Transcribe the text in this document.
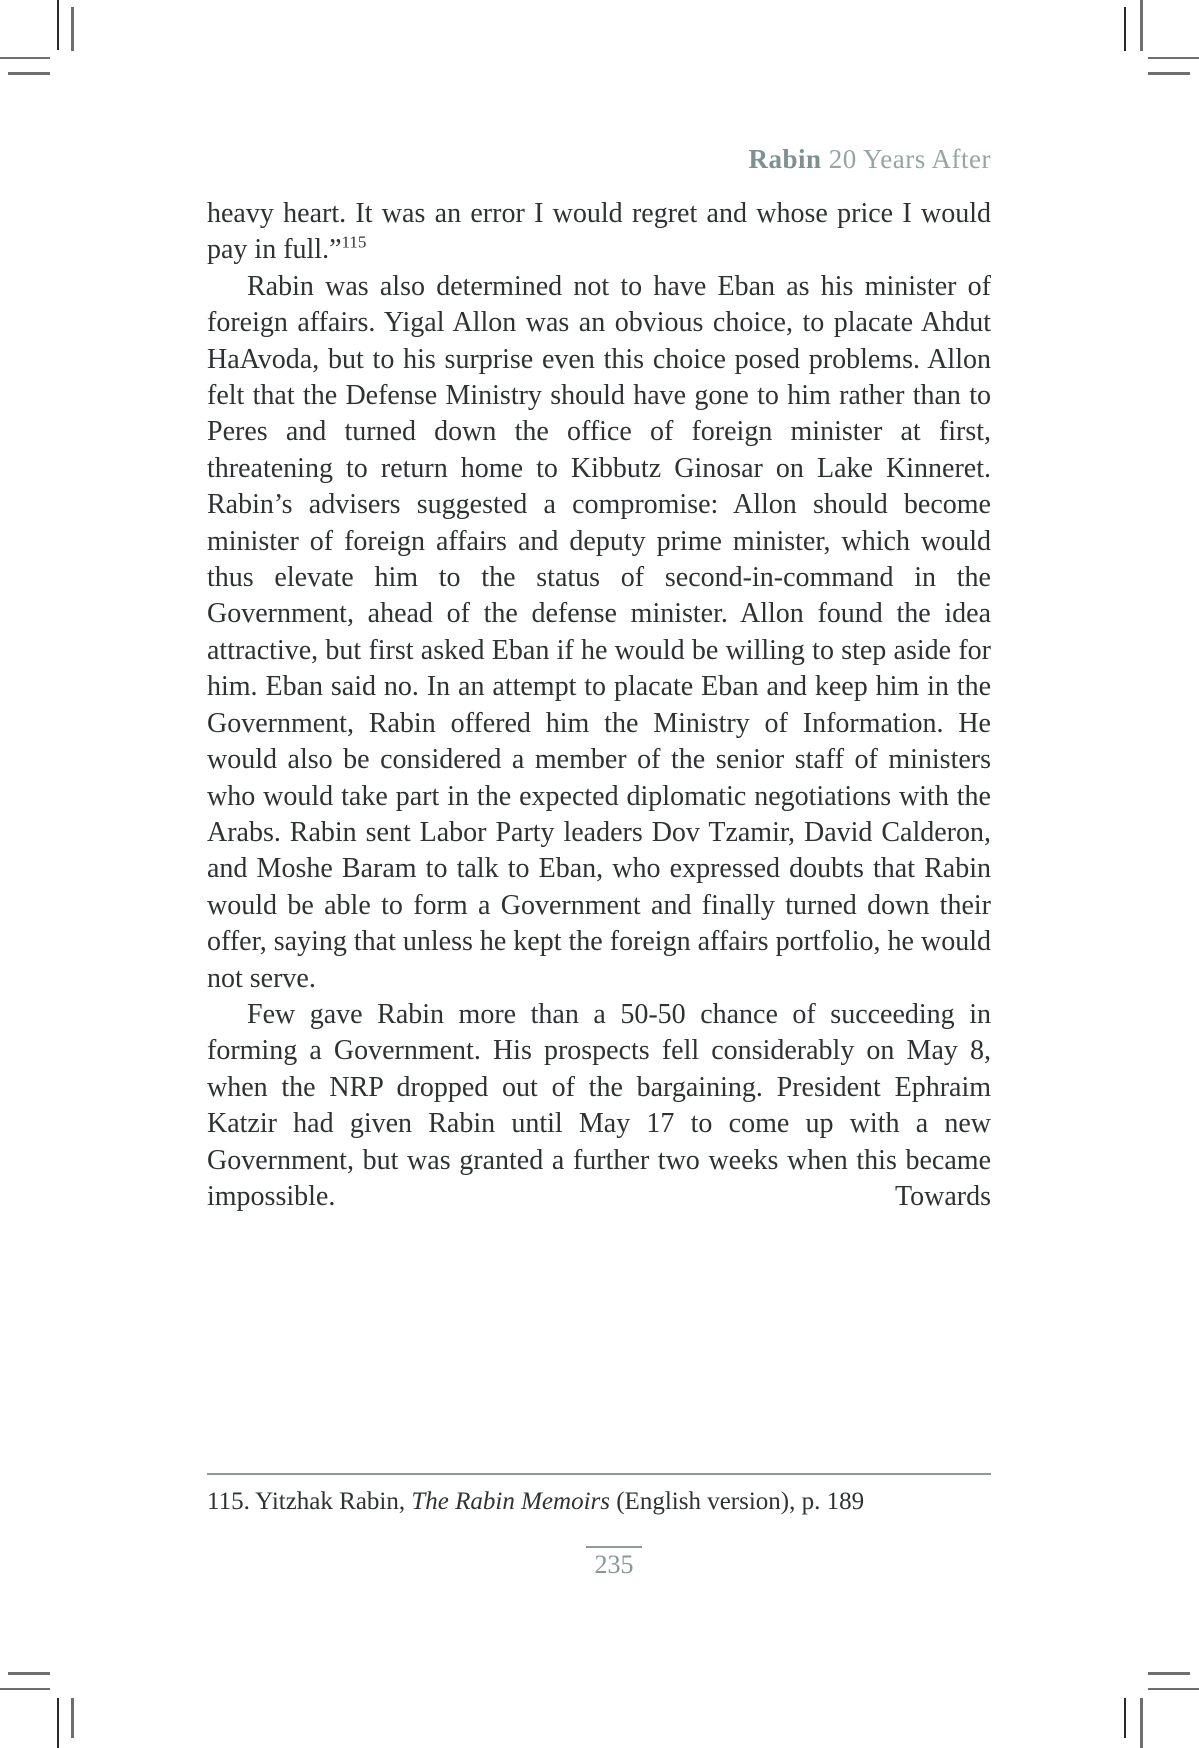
Rabin 20 Years After

heavy heart. It was an error I would regret and whose price I would pay in full.”$^{115}$

Rabin was also determined not to have Eban as his minister of foreign affairs. Yigal Allon was an obvious choice, to placate Ahdut HaAvoda, but to his surprise even this choice posed problems. Allon felt that the Defense Ministry should have gone to him rather than to Peres and turned down the office of foreign minister at first, threatening to return home to Kibbutz Ginosar on Lake Kinneret. Rabin’s advisers suggested a compromise: Allon should become minister of foreign affairs and deputy prime minister, which would thus elevate him to the status of second-in-command in the Government, ahead of the defense minister. Allon found the idea attractive, but first asked Eban if he would be willing to step aside for him. Eban said no. In an attempt to placate Eban and keep him in the Government, Rabin offered him the Ministry of Information. He would also be considered a member of the senior staff of ministers who would take part in the expected diplomatic negotiations with the Arabs. Rabin sent Labor Party leaders Dov Tzamir, David Calderon, and Moshe Baram to talk to Eban, who expressed doubts that Rabin would be able to form a Government and finally turned down their offer, saying that unless he kept the foreign affairs portfolio, he would not serve.

Few gave Rabin more than a 50-50 chance of succeeding in forming a Government. His prospects fell considerably on May 8, when the NRP dropped out of the bargaining. President Ephraim Katzir had given Rabin until May 17 to come up with a new Government, but was granted a further two weeks when this became impossible. Towards

115. Yitzhak Rabin, The Rabin Memoirs (English version), p. 189
235
